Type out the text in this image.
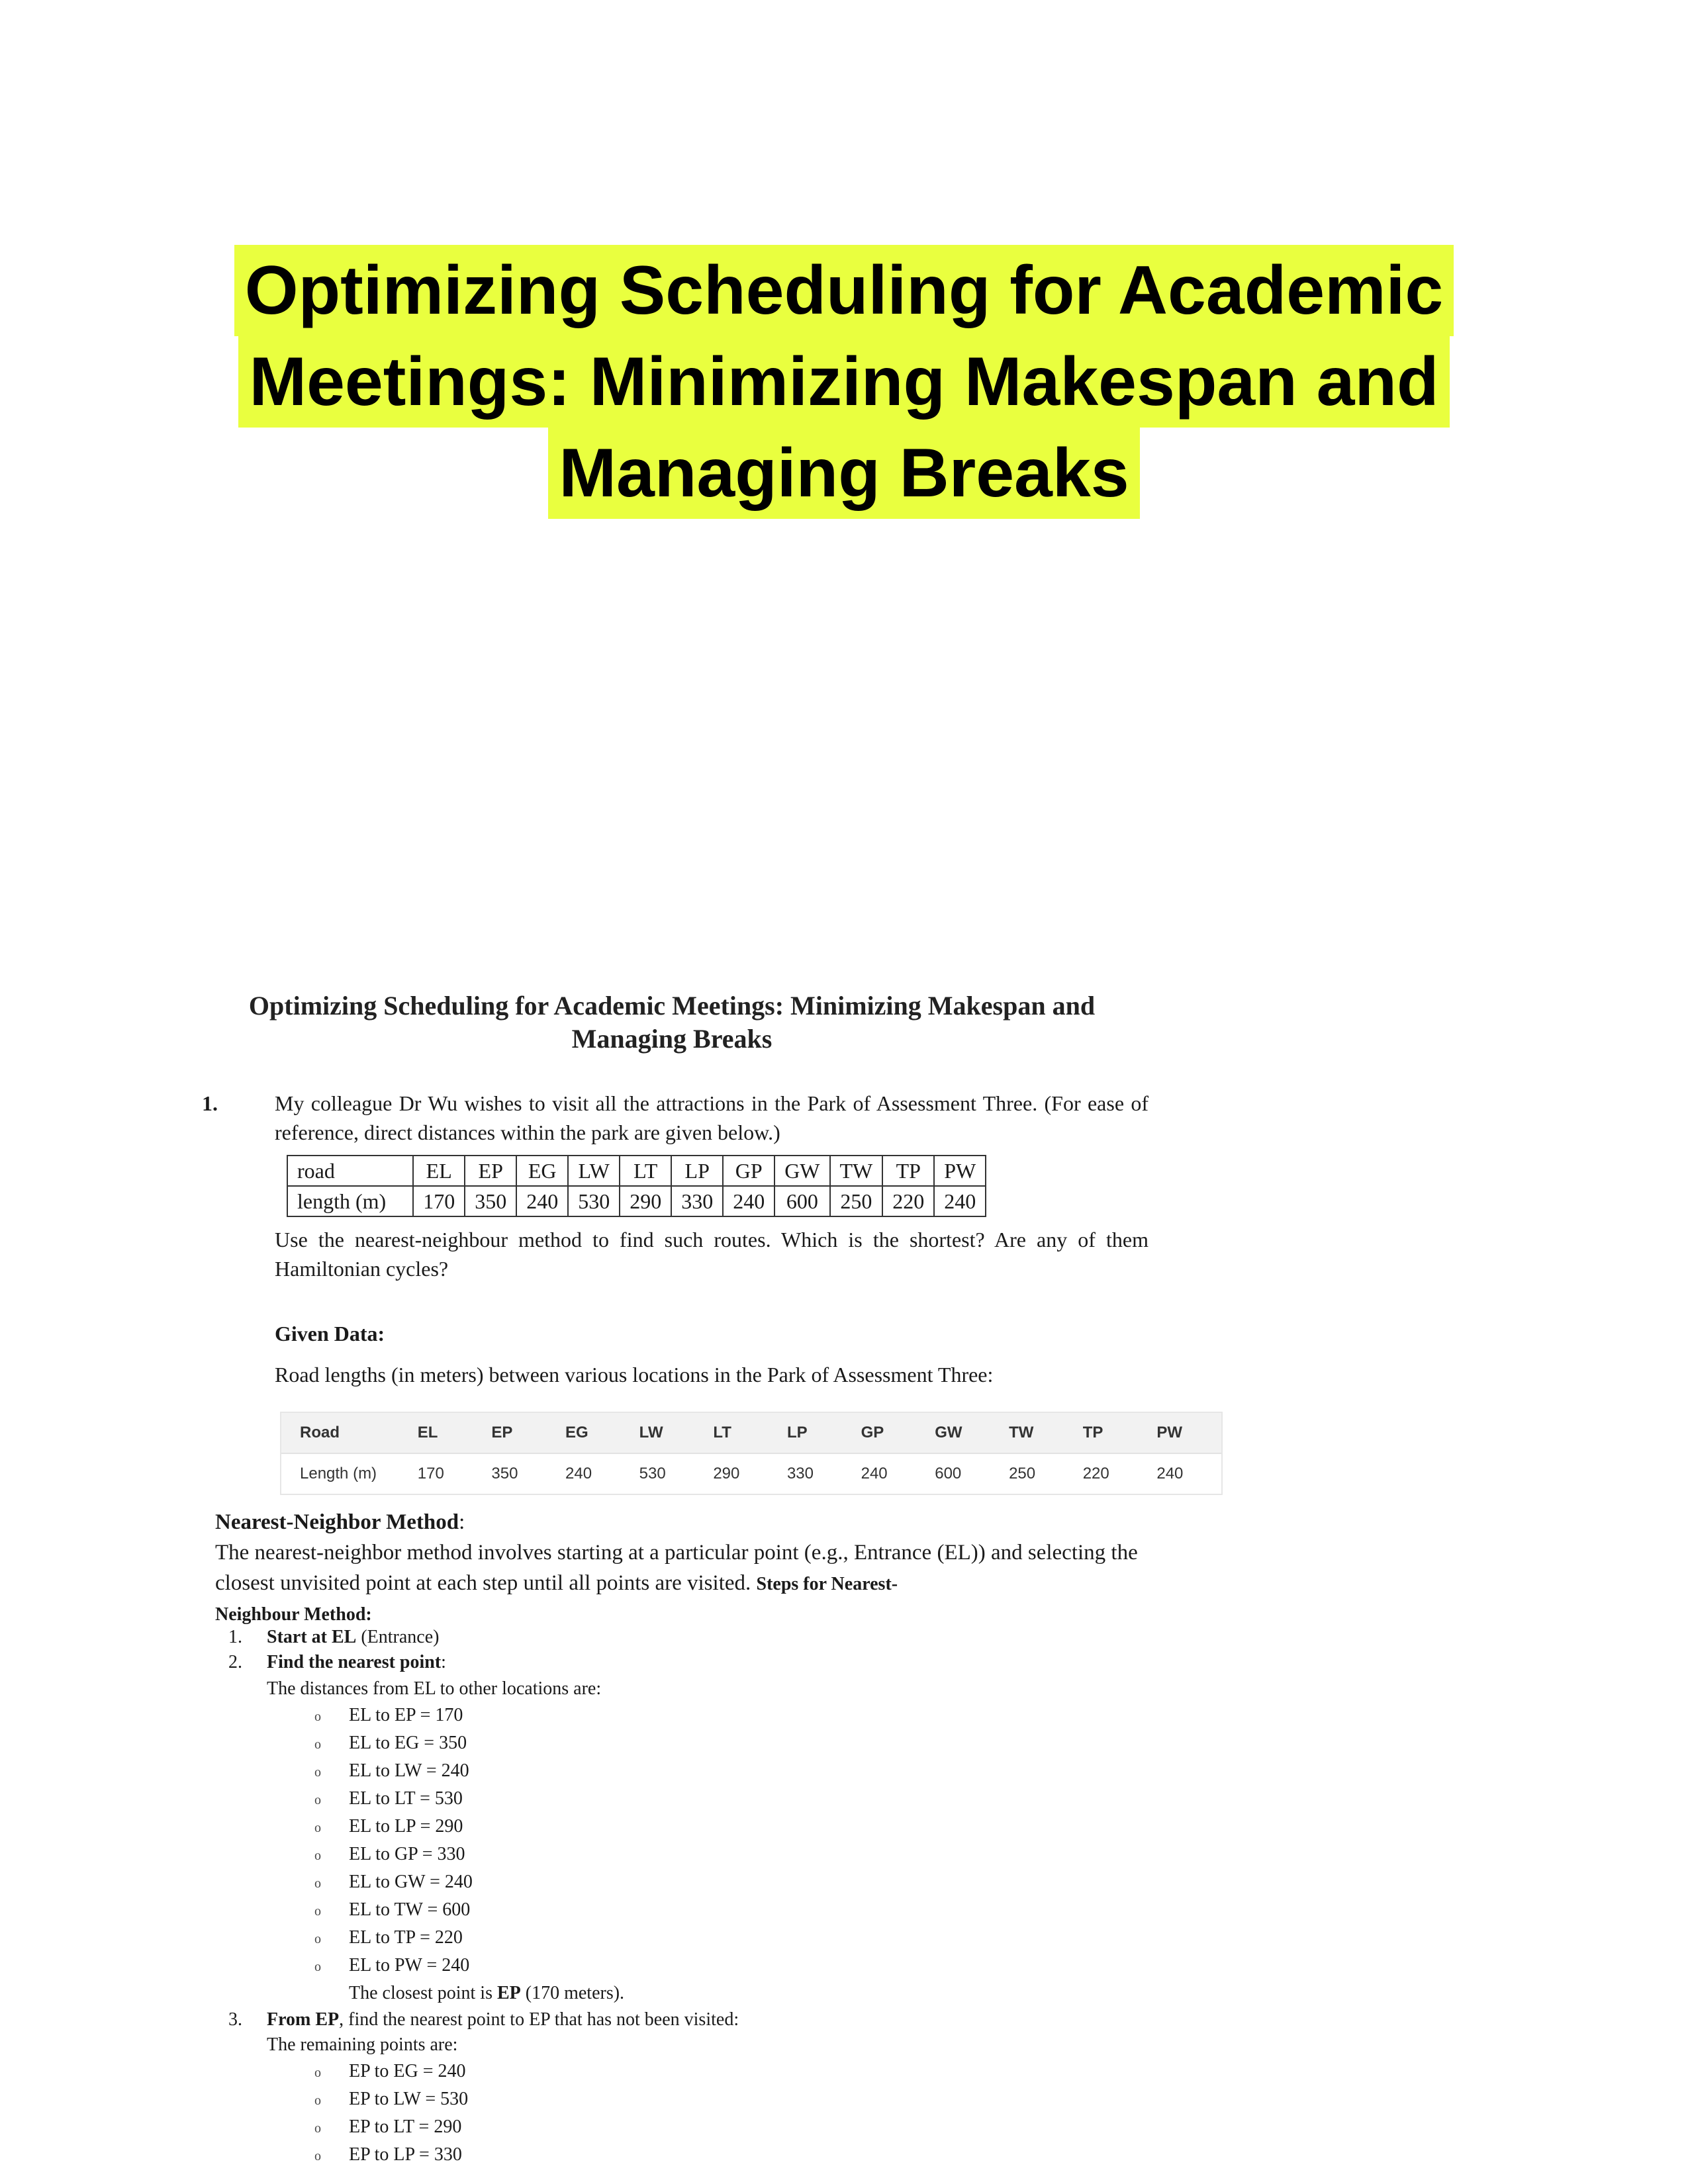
Optimizing Scheduling for Academic
Meetings: Minimizing Makespan and
Managing Breaks
Optimizing Scheduling for Academic Meetings: Minimizing Makespan and
Managing Breaks
1.	My colleague Dr Wu wishes to visit all the attractions in the Park of Assessment Three. (For ease of reference, direct distances within the park are given below.)
road	EL	EP	EG	LW	LT	LP	GP	GW	TW	TP	PW
length (m)	170	350	240	530	290	330	240	600	250	220	240
Use the nearest-neighbour method to find such routes. Which is the shortest? Are any of them Hamiltonian cycles?
Given Data:
Road lengths (in meters) between various locations in the Park of Assessment Three:
Road	EL	EP	EG	LW	LT	LP	GP	GW	TW	TP	PW
Length (m)	170	350	240	530	290	330	240	600	250	220	240
Nearest-Neighbor Method:
The nearest-neighbor method involves starting at a particular point (e.g., Entrance (EL)) and selecting the closest unvisited point at each step until all points are visited. Steps for Nearest-
Neighbour Method:
1. Start at EL (Entrance)
2. Find the nearest point:
The distances from EL to other locations are:
o EL to EP = 170
o EL to EG = 350
o EL to LW = 240
o EL to LT = 530
o EL to LP = 290
o EL to GP = 330
o EL to GW = 240
o EL to TW = 600
o EL to TP = 220
o EL to PW = 240
The closest point is EP (170 meters).
3. From EP, find the nearest point to EP that has not been visited:
The remaining points are:
o EP to EG = 240
o EP to LW = 530
o EP to LT = 290
o EP to LP = 330
